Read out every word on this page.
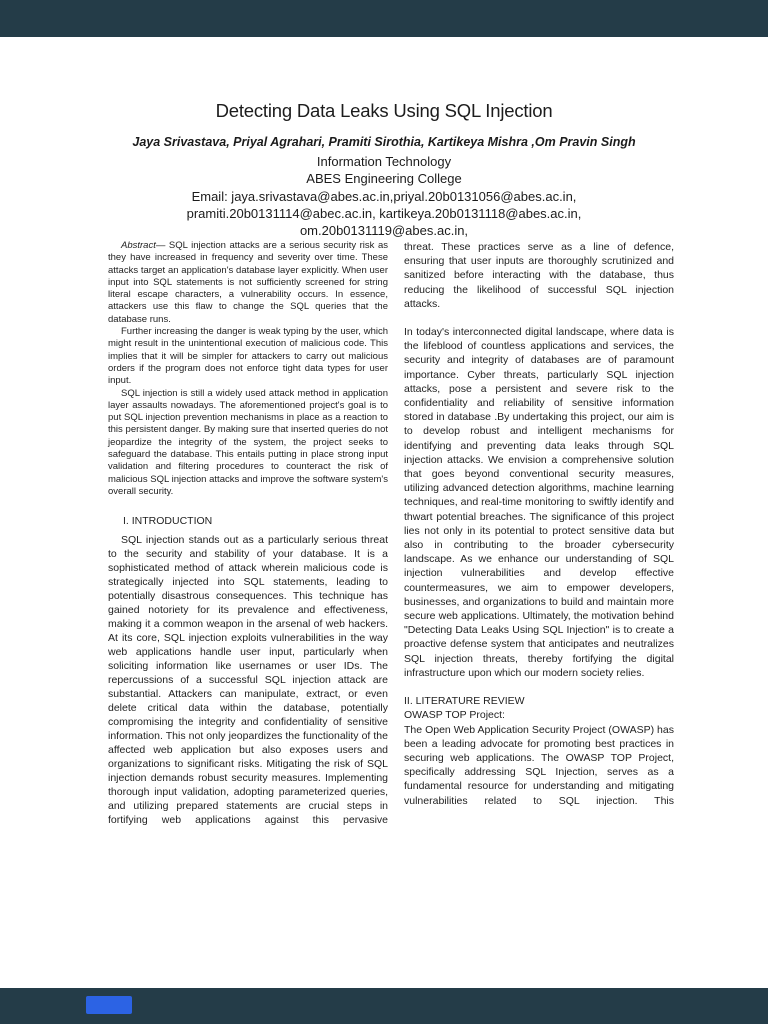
Detecting Data Leaks Using SQL Injection
Jaya Srivastava, Priyal Agrahari, Pramiti Sirothia, Kartikeya Mishra ,Om Pravin Singh
Information Technology
ABES Engineering College
Email: jaya.srivastava@abes.ac.in,priyal.20b0131056@abes.ac.in,
pramiti.20b0131114@abec.ac.in, kartikeya.20b0131118@abes.ac.in,
om.20b0131119@abes.ac.in,

Abstract— SQL injection attacks are a serious security risk as they have increased in frequency and severity over time. These attacks target an application's database layer explicitly. When user input into SQL statements is not sufficiently screened for string literal escape characters, a vulnerability occurs. In essence, attackers use this flaw to change the SQL queries that the database runs.

Further increasing the danger is weak typing by the user, which might result in the unintentional execution of malicious code. This implies that it will be simpler for attackers to carry out malicious orders if the program does not enforce tight data types for user input.

SQL injection is still a widely used attack method in application layer assaults nowadays. The aforementioned project's goal is to put SQL injection prevention mechanisms in place as a reaction to this persistent danger. By making sure that inserted queries do not jeopardize the integrity of the system, the project seeks to safeguard the database. This entails putting in place strong input validation and filtering procedures to counteract the risk of malicious SQL injection attacks and improve the software system's overall security.

I. INTRODUCTION

SQL injection stands out as a particularly serious threat to the security and stability of your database. It is a sophisticated method of attack wherein malicious code is strategically injected into SQL statements, leading to potentially disastrous consequences. This technique has gained notoriety for its prevalence and effectiveness, making it a common weapon in the arsenal of web hackers. At its core, SQL injection exploits vulnerabilities in the way web applications handle user input, particularly when soliciting information like usernames or user IDs. The repercussions of a successful SQL injection attack are substantial. Attackers can manipulate, extract, or even delete critical data within the database, potentially compromising the integrity and confidentiality of sensitive information. This not only jeopardizes the functionality of the affected web application but also exposes users and organizations to significant risks. Mitigating the risk of SQL injection demands robust security measures. Implementing thorough input validation, adopting parameterized queries, and utilizing prepared statements are crucial steps in fortifying web applications against this pervasive

threat. These practices serve as a line of defence, ensuring that user inputs are thoroughly scrutinized and sanitized before interacting with the database, thus reducing the likelihood of successful SQL injection attacks.

In today's interconnected digital landscape, where data is the lifeblood of countless applications and services, the security and integrity of databases are of paramount importance. Cyber threats, particularly SQL injection attacks, pose a persistent and severe risk to the confidentiality and reliability of sensitive information stored in database .By undertaking this project, our aim is to develop robust and intelligent mechanisms for identifying and preventing data leaks through SQL injection attacks. We envision a comprehensive solution that goes beyond conventional security measures, utilizing advanced detection algorithms, machine learning techniques, and real-time monitoring to swiftly identify and thwart potential breaches. The significance of this project lies not only in its potential to protect sensitive data but also in contributing to the broader cybersecurity landscape. As we enhance our understanding of SQL injection vulnerabilities and develop effective countermeasures, we aim to empower developers, businesses, and organizations to build and maintain more secure web applications. Ultimately, the motivation behind "Detecting Data Leaks Using SQL Injection" is to create a proactive defense system that anticipates and neutralizes SQL injection threats, thereby fortifying the digital infrastructure upon which our modern society relies.

II. LITERATURE REVIEW
OWASP TOP Project:

The Open Web Application Security Project (OWASP) has been a leading advocate for promoting best practices in securing web applications. The OWASP TOP Project, specifically addressing SQL Injection, serves as a fundamental resource for understanding and mitigating vulnerabilities related to SQL injection. This
